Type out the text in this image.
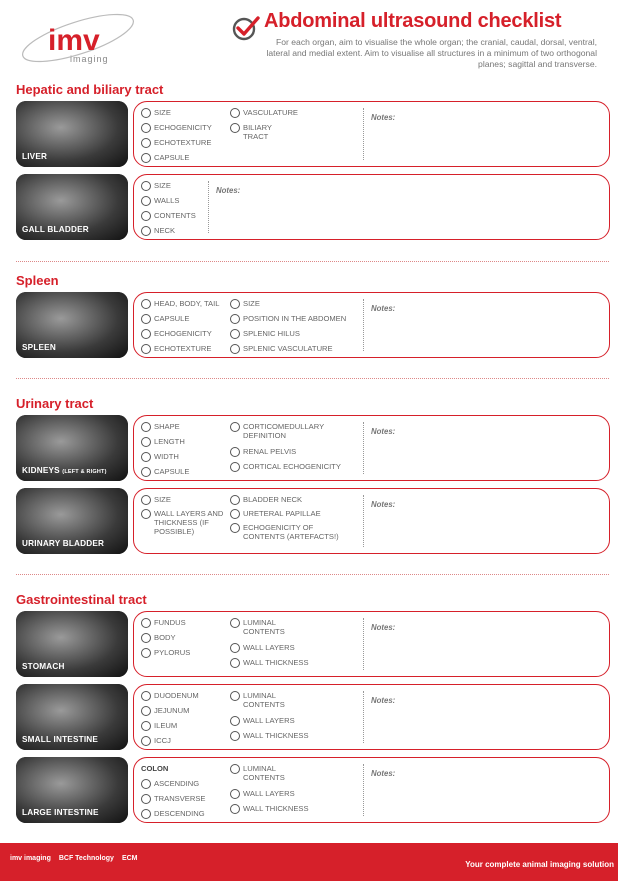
imv
imaging
Abdominal ultrasound checklist
For each organ, aim to visualise the whole organ; the cranial, caudal, dorsal, ventral, lateral and medial extent. Aim to visualise all structures in a minimum of two orthogonal planes; sagittal and transverse.
Hepatic and biliary tract
LIVER
SIZE
ECHOGENICITY
ECHOTEXTURE
CAPSULE
VASCULATURE
BILIARY TRACT
Notes:
GALL BLADDER
SIZE
WALLS
CONTENTS
NECK
Notes:
Spleen
SPLEEN
HEAD, BODY, TAIL
CAPSULE
ECHOGENICITY
ECHOTEXTURE
SIZE
POSITION IN THE ABDOMEN
SPLENIC HILUS
SPLENIC VASCULATURE
Notes:
Urinary tract
KIDNEYS (LEFT & RIGHT)
SHAPE
LENGTH
WIDTH
CAPSULE
CORTICOMEDULLARY DEFINITION
RENAL PELVIS
CORTICAL ECHOGENICITY
Notes:
URINARY BLADDER
SIZE
WALL LAYERS AND THICKNESS (IF POSSIBLE)
BLADDER NECK
URETERAL PAPILLAE
ECHOGENICITY OF CONTENTS (ARTEFACTS!)
Notes:
Gastrointestinal tract
STOMACH
FUNDUS
BODY
PYLORUS
LUMINAL CONTENTS
WALL LAYERS
WALL THICKNESS
Notes:
SMALL INTESTINE
DUODENUM
JEJUNUM
ILEUM
ICCJ
LUMINAL CONTENTS
WALL LAYERS
WALL THICKNESS
Notes:
LARGE INTESTINE
COLON
ASCENDING
TRANSVERSE
DESCENDING
LUMINAL CONTENTS
WALL LAYERS
WALL THICKNESS
Notes:
imv imaging BCF Technology ECM
Your complete animal imaging solution
